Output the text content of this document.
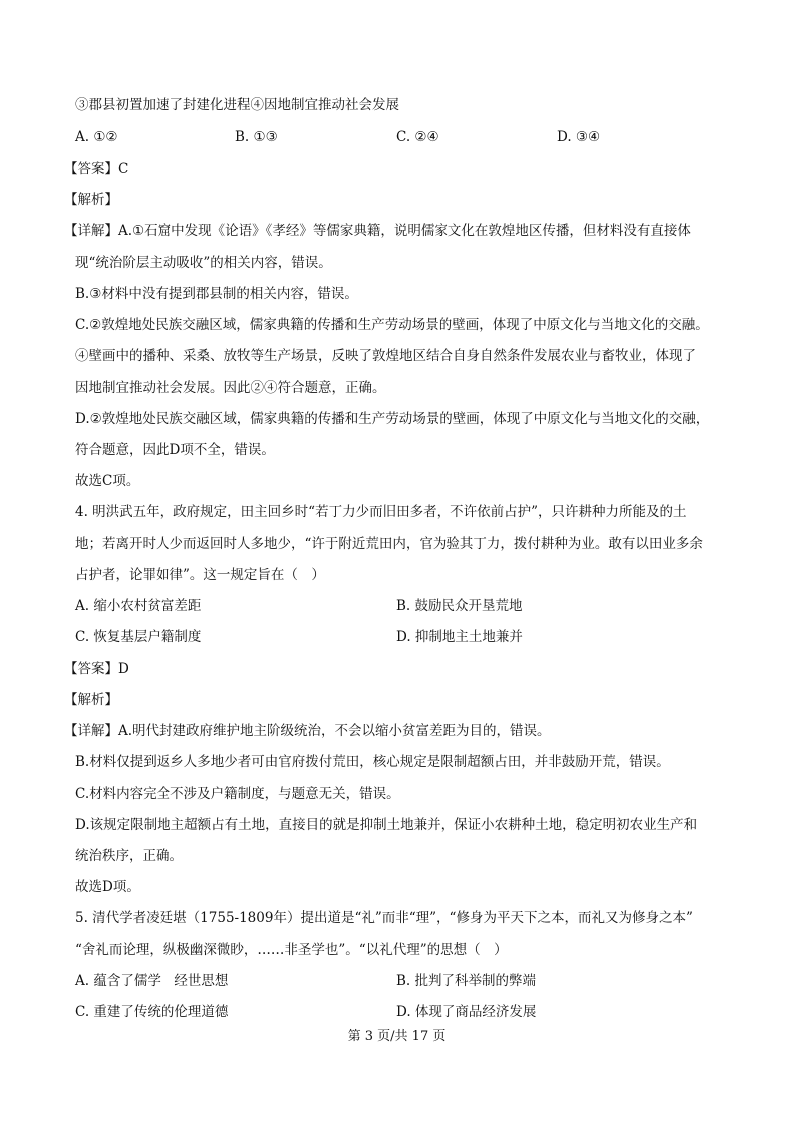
③郡县初置加速了封建化进程④因地制宜推动社会发展
A. ①②	B. ①③	C. ②④	D. ③④
【答案】C
【解析】
【详解】A.①石窟中发现《论语》《孝经》等儒家典籍，说明儒家文化在敦煌地区传播，但材料没有直接体
现“统治阶层主动吸收”的相关内容，错误。
B.③材料中没有提到郡县制的相关内容，错误。
C.②敦煌地处民族交融区域，儒家典籍的传播和生产劳动场景的壁画，体现了中原文化与当地文化的交融。
④壁画中的播种、采桑、放牧等生产场景，反映了敦煌地区结合自身自然条件发展农业与畜牧业，体现了
因地制宜推动社会发展。因此②④符合题意，正确。
D.②敦煌地处民族交融区域，儒家典籍的传播和生产劳动场景的壁画，体现了中原文化与当地文化的交融，
符合题意，因此D项不全，错误。
故选C项。
4. 明洪武五年，政府规定，田主回乡时“若丁力少而旧田多者，不许依前占护”，只许耕种力所能及的土
地；若离开时人少而返回时人多地少，“许于附近荒田内，官为验其丁力，拨付耕种为业。敢有以田业多余
占护者，论罪如律”。这一规定旨在（　）
A. 缩小农村贫富差距	B. 鼓励民众开垦荒地
C. 恢复基层户籍制度	D. 抑制地主土地兼并
【答案】D
【解析】
【详解】A.明代封建政府维护地主阶级统治，不会以缩小贫富差距为目的，错误。
B.材料仅提到返乡人多地少者可由官府拨付荒田，核心规定是限制超额占田，并非鼓励开荒，错误。
C.材料内容完全不涉及户籍制度，与题意无关，错误。
D.该规定限制地主超额占有土地，直接目的就是抑制土地兼并，保证小农耕种土地，稳定明初农业生产和
统治秩序，正确。
故选D项。
5. 清代学者凌廷堪（1755-1809年）提出道是“礼”而非“理”，“修身为平天下之本，而礼又为修身之本”
“舍礼而论理，纵极幽深微眇，……非圣学也”。“以礼代理”的思想（　）
A. 蕴含了儒学　经世思想	B. 批判了科举制的弊端
C. 重建了传统的伦理道德	D. 体现了商品经济发展
第 3 页/共 17 页
